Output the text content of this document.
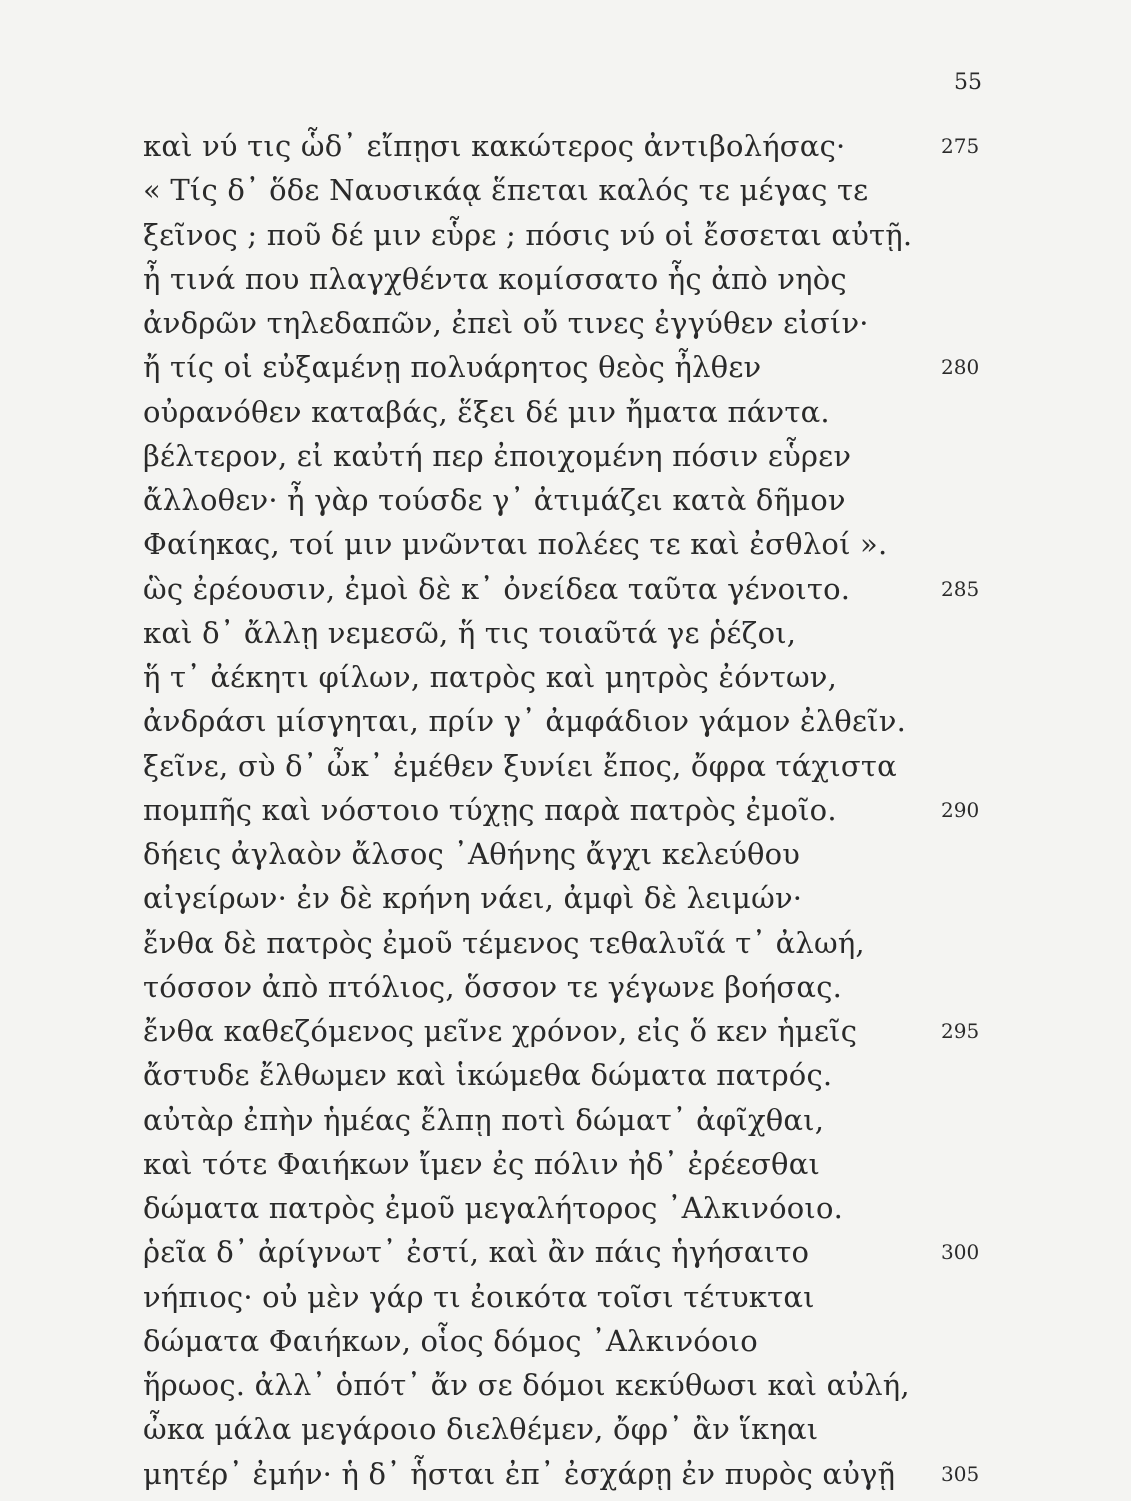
55
καὶ νύ τις ὧδ᾽ εἴπῃσι κακώτερος ἀντιβολήσας·	275
« Τίς δ᾽ ὅδε Ναυσικάᾳ ἕπεται καλός τε μέγας τε
ξεῖνος ; ποῦ δέ μιν εὗρε ; πόσις νύ οἱ ἔσσεται αὐτῇ.
ἦ τινά που πλαγχθέντα κομίσσατο ἧς ἀπὸ νηὸς
ἀνδρῶν τηλεδαπῶν, ἐπεὶ οὔ τινες ἐγγύθεν εἰσίν·
ἤ τίς οἱ εὐξαμένῃ πολυάρητος θεὸς ἦλθεν	280
οὐρανόθεν καταβάς, ἕξει δέ μιν ἤματα πάντα.
βέλτερον, εἰ καὐτή περ ἐποιχομένη πόσιν εὗρεν
ἄλλοθεν· ἦ γὰρ τούσδε γ᾽ ἀτιμάζει κατὰ δῆμον
Φαίηκας, τοί μιν μνῶνται πολέες τε καὶ ἐσθλοί ».
ὣς ἐρέουσιν, ἐμοὶ δὲ κ᾽ ὀνείδεα ταῦτα γένοιτο.	285
καὶ δ᾽ ἄλλῃ νεμεσῶ, ἥ τις τοιαῦτά γε ῥέζοι,
ἥ τ᾽ ἀέκητι φίλων, πατρὸς καὶ μητρὸς ἐόντων,
ἀνδράσι μίσγηται, πρίν γ᾽ ἀμφάδιον γάμον ἐλθεῖν.
ξεῖνε, σὺ δ᾽ ὦκ᾽ ἐμέθεν ξυνίει ἔπος, ὄφρα τάχιστα
πομπῆς καὶ νόστοιο τύχῃς παρὰ πατρὸς ἐμοῖο.	290
δήεις ἀγλαὸν ἄλσος ᾿Αθήνης ἄγχι κελεύθου
αἰγείρων· ἐν δὲ κρήνη νάει, ἀμφὶ δὲ λειμών·
ἔνθα δὲ πατρὸς ἐμοῦ τέμενος τεθαλυῖά τ᾽ ἀλωή,
τόσσον ἀπὸ πτόλιος, ὅσσον τε γέγωνε βοήσας.
ἔνθα καθεζόμενος μεῖνε χρόνον, εἰς ὅ κεν ἡμεῖς	295
ἄστυδε ἔλθωμεν καὶ ἱκώμεθα δώματα πατρός.
αὐτὰρ ἐπὴν ἡμέας ἔλπῃ ποτὶ δώματ᾽ ἀφῖχθαι,
καὶ τότε Φαιήκων ἴμεν ἐς πόλιν ἠδ᾽ ἐρέεσθαι
δώματα πατρὸς ἐμοῦ μεγαλήτορος ᾿Αλκινόοιο.
ῥεῖα δ᾽ ἀρίγνωτ᾽ ἐστί, καὶ ἂν πάις ἡγήσαιτο	300
νήπιος· οὐ μὲν γάρ τι ἐοικότα τοῖσι τέτυκται
δώματα Φαιήκων, οἷος δόμος ᾿Αλκινόοιο
ἥρωος. ἀλλ᾽ ὁπότ᾽ ἄν σε δόμοι κεκύθωσι καὶ αὐλή,
ὦκα μάλα μεγάροιο διελθέμεν, ὄφρ᾽ ἂν ἵκηαι
μητέρ᾽ ἐμήν· ἡ δ᾽ ἧσται ἐπ᾽ ἐσχάρῃ ἐν πυρὸς αὐγῇ 305
